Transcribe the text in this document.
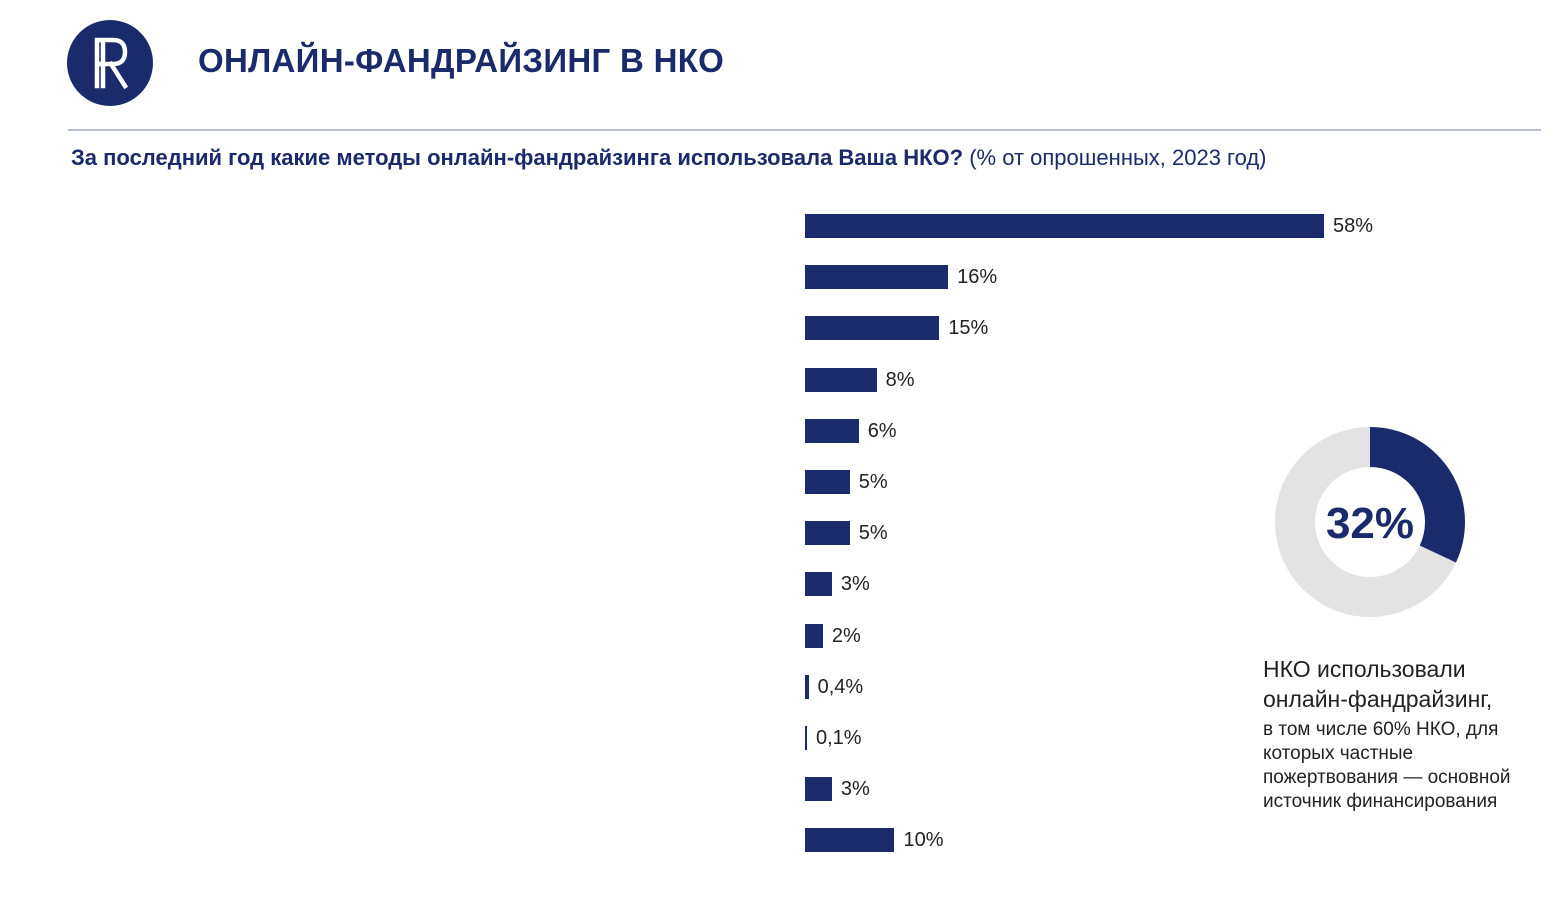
ОНЛАЙН-ФАНДРАЙЗИНГ В НКО
За последний год какие методы онлайн-фандрайзинга использовала Ваша НКО? (% от опрошенных, 2023 год)
58%
16%
15%
8%
6%
5%
5%
3%
2%
0,4%
0,1%
3%
10%
32%
НКО использовали онлайн-фандрайзинг,
в том числе 60% НКО, для которых частные пожертвования — основной источник финансирования
